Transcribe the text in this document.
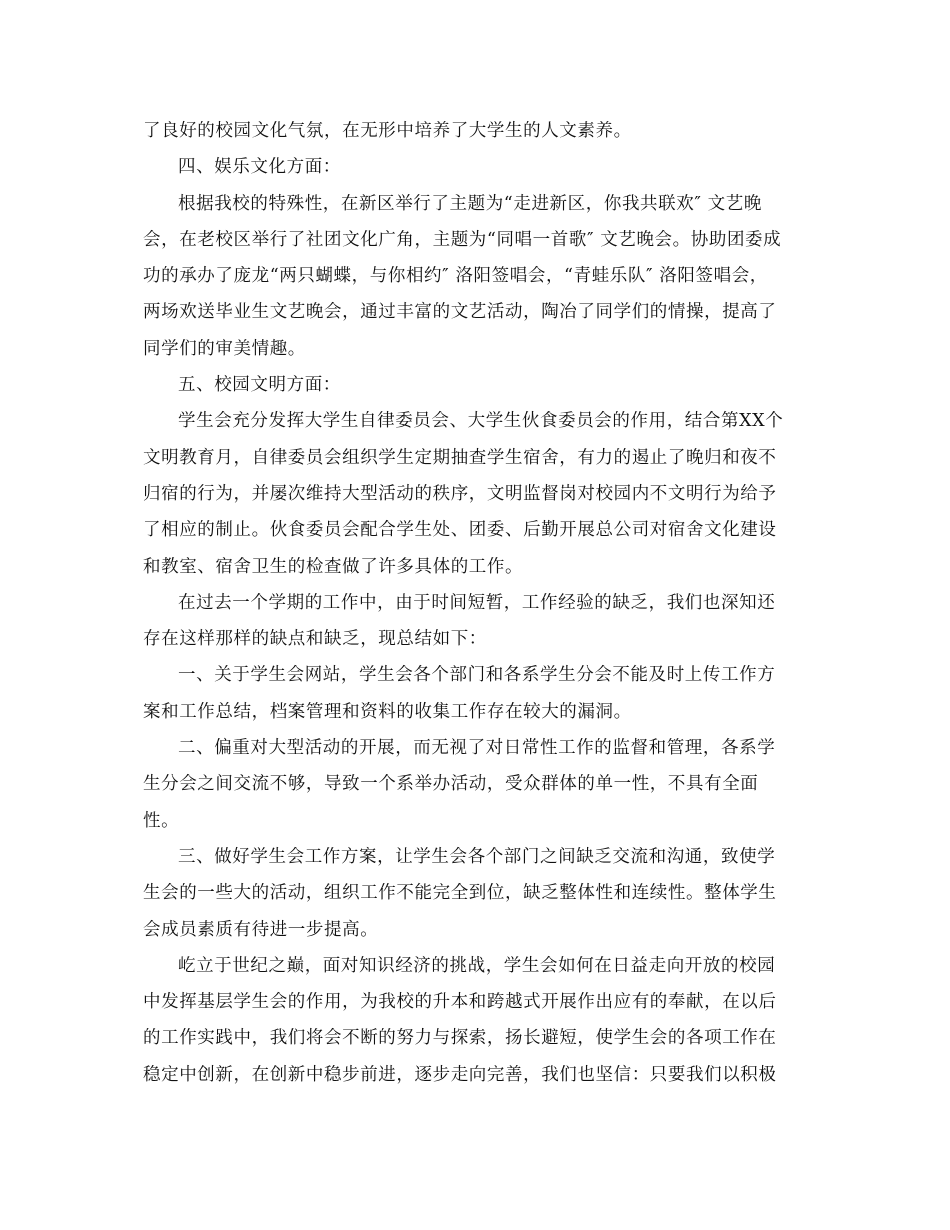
了良好的校园文化气氛，在无形中培养了大学生的人文素养。
四、娱乐文化方面：
根据我校的特殊性，在新区举行了主题为“走进新区，你我共联欢″ 文艺晚
会，在老校区举行了社团文化广角，主题为“同唱一首歌″ 文艺晚会。协助团委成
功的承办了庞龙“两只蝴蝶，与你相约″ 洛阳签唱会，“青蛙乐队″ 洛阳签唱会，
两场欢送毕业生文艺晚会，通过丰富的文艺活动，陶冶了同学们的情操，提高了
同学们的审美情趣。
五、校园文明方面：
学生会充分发挥大学生自律委员会、大学生伙食委员会的作用，结合第XX个
文明教育月，自律委员会组织学生定期抽查学生宿舍，有力的遏止了晚归和夜不
归宿的行为，并屡次维持大型活动的秩序，文明监督岗对校园内不文明行为给予
了相应的制止。伙食委员会配合学生处、团委、后勤开展总公司对宿舍文化建设
和教室、宿舍卫生的检查做了许多具体的工作。
在过去一个学期的工作中，由于时间短暂，工作经验的缺乏，我们也深知还
存在这样那样的缺点和缺乏，现总结如下：
一、关于学生会网站，学生会各个部门和各系学生分会不能及时上传工作方
案和工作总结，档案管理和资料的收集工作存在较大的漏洞。
二、偏重对大型活动的开展，而无视了对日常性工作的监督和管理，各系学
生分会之间交流不够，导致一个系举办活动，受众群体的单一性，不具有全面
性。
三、做好学生会工作方案，让学生会各个部门之间缺乏交流和沟通，致使学
生会的一些大的活动，组织工作不能完全到位，缺乏整体性和连续性。整体学生
会成员素质有待进一步提高。
屹立于世纪之巅，面对知识经济的挑战，学生会如何在日益走向开放的校园
中发挥基层学生会的作用，为我校的升本和跨越式开展作出应有的奉献，在以后
的工作实践中，我们将会不断的努力与探索，扬长避短，使学生会的各项工作在
稳定中创新，在创新中稳步前进，逐步走向完善，我们也坚信：只要我们以积极
